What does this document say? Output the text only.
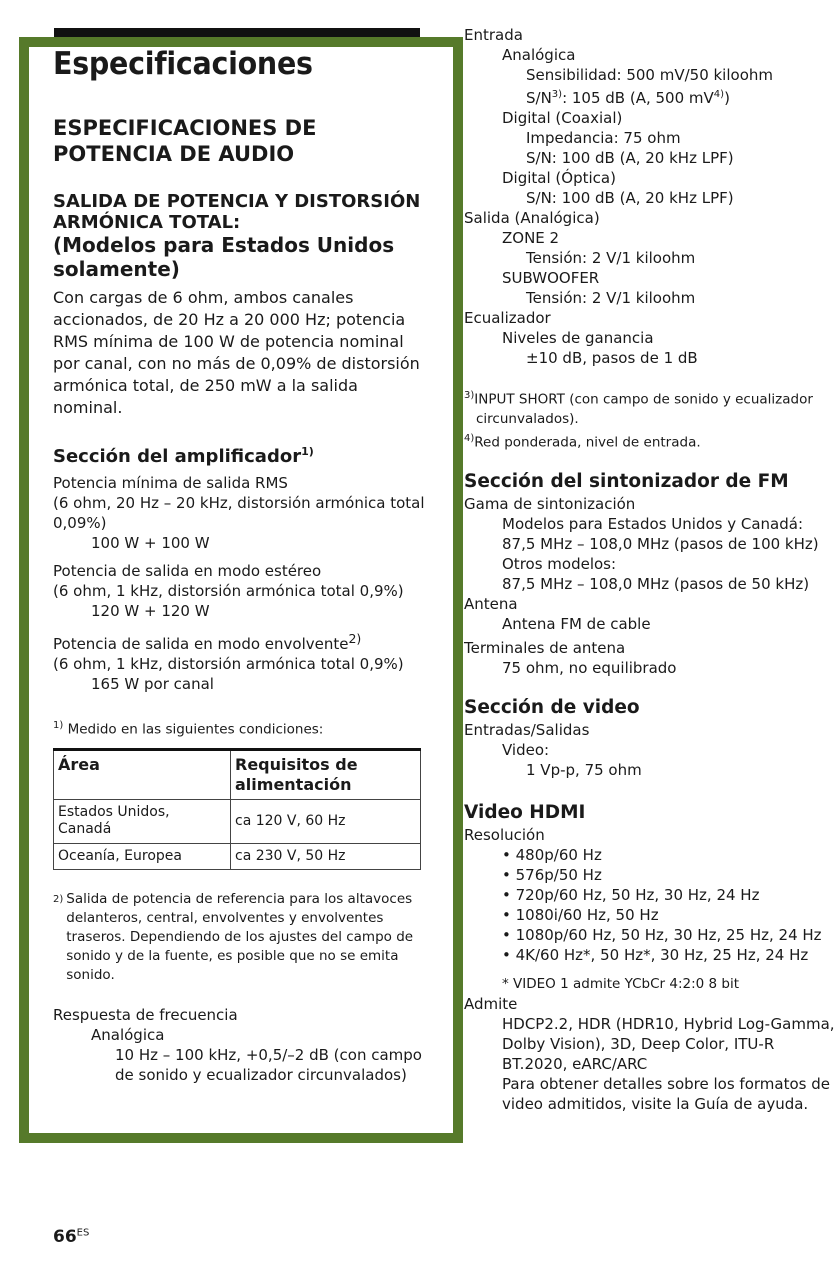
Especificaciones
ESPECIFICACIONES DE POTENCIA DE AUDIO
SALIDA DE POTENCIA Y DISTORSIÓN ARMÓNICA TOTAL:
(Modelos para Estados Unidos solamente)
Con cargas de 6 ohm, ambos canales accionados, de 20 Hz a 20 000 Hz; potencia RMS mínima de 100 W de potencia nominal por canal, con no más de 0,09% de distorsión armónica total, de 250 mW a la salida nominal.
Sección del amplificador$^{1)}$
Potencia mínima de salida RMS
(6 ohm, 20 Hz – 20 kHz, distorsión armónica total 0,09%)
100 W + 100 W
Potencia de salida en modo estéreo
(6 ohm, 1 kHz, distorsión armónica total 0,9%)
120 W + 120 W
Potencia de salida en modo envolvente$^{2)}$
(6 ohm, 1 kHz, distorsión armónica total 0,9%)
165 W por canal
$^{1)}$ Medido en las siguientes condiciones:
Área	Requisitos de alimentación
Estados Unidos, Canadá	ca 120 V, 60 Hz
Oceanía, Europea	ca 230 V, 50 Hz
2) Salida de potencia de referencia para los altavoces delanteros, central, envolventes y envolventes traseros. Dependiendo de los ajustes del campo de sonido y de la fuente, es posible que no se emita sonido.
Respuesta de frecuencia
Analógica
10 Hz – 100 kHz, +0,5/–2 dB (con campo de sonido y ecualizador circunvalados)
Entrada
Analógica
Sensibilidad: 500 mV/50 kiloohm
$S/N^{3)}$: 105 dB (A, 500 $mV^{4)}$)
Digital (Coaxial)
Impedancia: 75 ohm
S/N: 100 dB (A, 20 kHz LPF)
Digital (Óptica)
S/N: 100 dB (A, 20 kHz LPF)
Salida (Analógica)
ZONE 2
Tensión: 2 V/1 kiloohm
SUBWOOFER
Tensión: 2 V/1 kiloohm
Ecualizador
Niveles de ganancia
±10 dB, pasos de 1 dB
$^{3)}$INPUT SHORT (con campo de sonido y ecualizador
circunvalados).
$^{4)}$Red ponderada, nivel de entrada.
Sección del sintonizador de FM
Gama de sintonización
Modelos para Estados Unidos y Canadá:
87,5 MHz – 108,0 MHz (pasos de 100 kHz)
Otros modelos:
87,5 MHz – 108,0 MHz (pasos de 50 kHz)
Antena
Antena FM de cable
Terminales de antena
75 ohm, no equilibrado
Sección de video
Entradas/Salidas
Video:
1 Vp-p, 75 ohm
Video HDMI
Resolución
• 480p/60 Hz
• 576p/50 Hz
• 720p/60 Hz, 50 Hz, 30 Hz, 24 Hz
• 1080i/60 Hz, 50 Hz
• 1080p/60 Hz, 50 Hz, 30 Hz, 25 Hz, 24 Hz
• 4K/60 Hz*, 50 Hz*, 30 Hz, 25 Hz, 24 Hz
* VIDEO 1 admite YCbCr 4:2:0 8 bit
Admite
HDCP2.2, HDR (HDR10, Hybrid Log-Gamma,
Dolby Vision), 3D, Deep Color, ITU-R
BT.2020, eARC/ARC
Para obtener detalles sobre los formatos de
video admitidos, visite la Guía de ayuda.
$66^{ES}$
